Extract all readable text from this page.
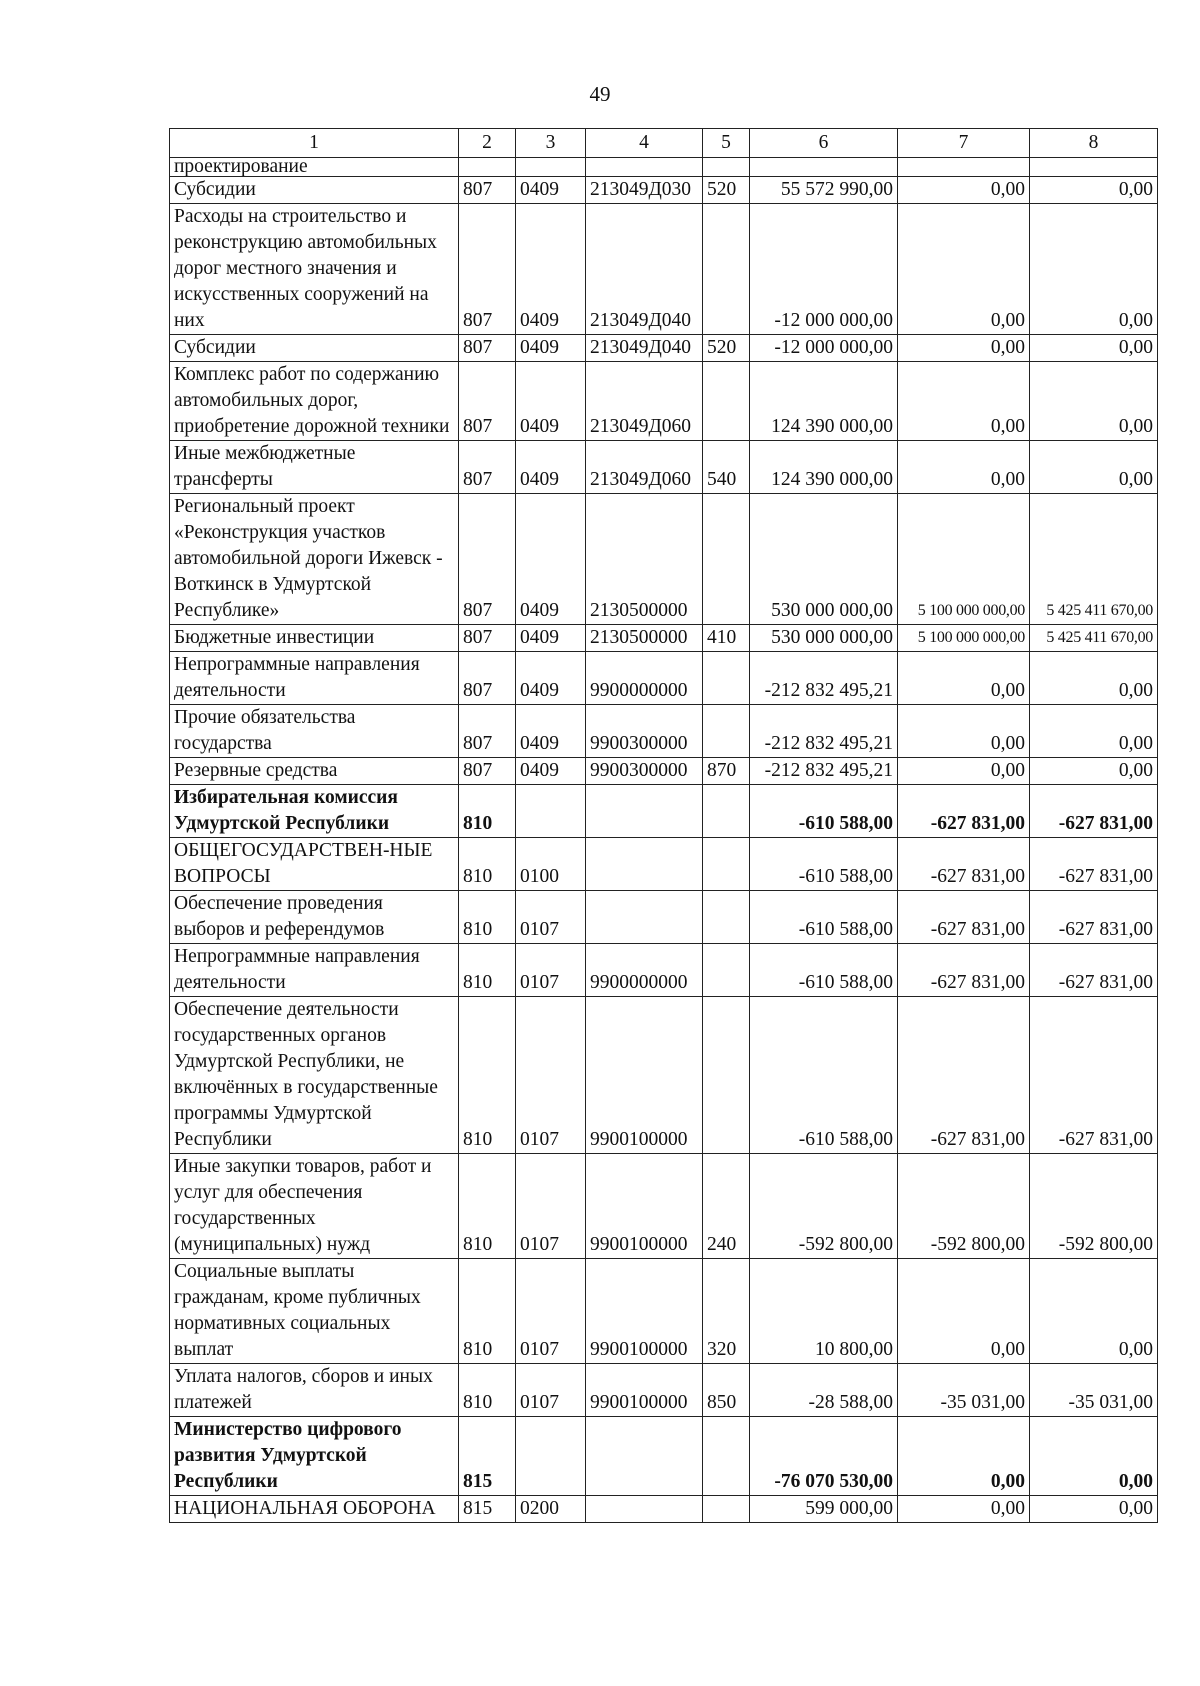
49
1	2	3	4	5	6	7	8
проектирование							
Субсидии	807	0409	213049Д030	520	55 572 990,00	0,00	0,00
Расходы на строительство и реконструкцию автомобильных дорог местного значения и искусственных сооружений на них	807	0409	213049Д040		-12 000 000,00	0,00	0,00
Субсидии	807	0409	213049Д040	520	-12 000 000,00	0,00	0,00
Комплекс работ по содержанию автомобильных дорог, приобретение дорожной техники	807	0409	213049Д060		124 390 000,00	0,00	0,00
Иные межбюджетные трансферты	807	0409	213049Д060	540	124 390 000,00	0,00	0,00
Региональный проект «Реконструкция участков автомобильной дороги Ижевск - Воткинск в Удмуртской Республике»	807	0409	2130500000		530 000 000,00	5 100 000 000,00	5 425 411 670,00
Бюджетные инвестиции	807	0409	2130500000	410	530 000 000,00	5 100 000 000,00	5 425 411 670,00
Непрограммные направления деятельности	807	0409	9900000000		-212 832 495,21	0,00	0,00
Прочие обязательства государства	807	0409	9900300000		-212 832 495,21	0,00	0,00
Резервные средства	807	0409	9900300000	870	-212 832 495,21	0,00	0,00
Избирательная комиссия Удмуртской Республики	810				-610 588,00	-627 831,00	-627 831,00
ОБЩЕГОСУДАРСТВЕН-НЫЕ ВОПРОСЫ	810	0100			-610 588,00	-627 831,00	-627 831,00
Обеспечение проведения выборов и референдумов	810	0107			-610 588,00	-627 831,00	-627 831,00
Непрограммные направления деятельности	810	0107	9900000000		-610 588,00	-627 831,00	-627 831,00
Обеспечение деятельности государственных органов Удмуртской Республики, не включённых в государственные программы Удмуртской Республики	810	0107	9900100000		-610 588,00	-627 831,00	-627 831,00
Иные закупки товаров, работ и услуг для обеспечения государственных (муниципальных) нужд	810	0107	9900100000	240	-592 800,00	-592 800,00	-592 800,00
Социальные выплаты гражданам, кроме публичных нормативных социальных выплат	810	0107	9900100000	320	10 800,00	0,00	0,00
Уплата налогов, сборов и иных платежей	810	0107	9900100000	850	-28 588,00	-35 031,00	-35 031,00
Министерство цифрового развития Удмуртской Республики	815				-76 070 530,00	0,00	0,00
НАЦИОНАЛЬНАЯ ОБОРОНА	815	0200			599 000,00	0,00	0,00
